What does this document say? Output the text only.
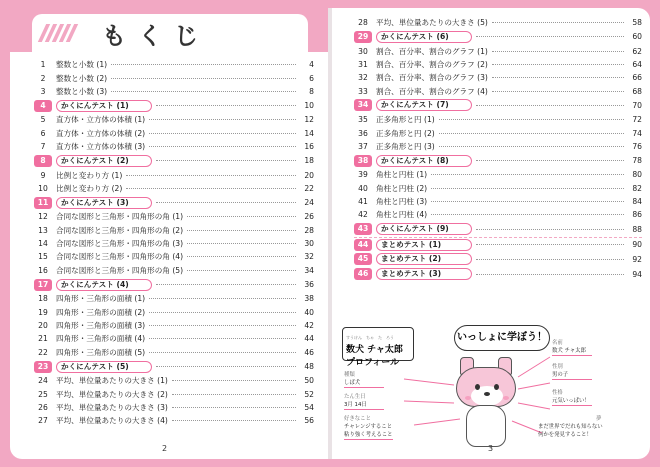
もくじ
1	整数と小数 (1)	4
2	整数と小数 (2)	6
3	整数と小数 (3)	8
4	かくにんテスト (1)	10
5	直方体・立方体の体積 (1)	12
6	直方体・立方体の体積 (2)	14
7	直方体・立方体の体積 (3)	16
8	かくにんテスト (2)	18
9	比例と変わり方 (1)	20
10	比例と変わり方 (2)	22
11	かくにんテスト (3)	24
12	合同な図形と三角形・四角形の角 (1)	26
13	合同な図形と三角形・四角形の角 (2)	28
14	合同な図形と三角形・四角形の角 (3)	30
15	合同な図形と三角形・四角形の角 (4)	32
16	合同な図形と三角形・四角形の角 (5)	34
17	かくにんテスト (4)	36
18	四角形・三角形の面積 (1)	38
19	四角形・三角形の面積 (2)	40
20	四角形・三角形の面積 (3)	42
21	四角形・三角形の面積 (4)	44
22	四角形・三角形の面積 (5)	46
23	かくにんテスト (5)	48
24	平均、単位量あたりの大きさ (1)	50
25	平均、単位量あたりの大きさ (2)	52
26	平均、単位量あたりの大きさ (3)	54
27	平均、単位量あたりの大きさ (4)	56
2
28	平均、単位量あたりの大きさ (5)	58
29	かくにんテスト (6)	60
30	割合、百分率、割合のグラフ (1)	62
31	割合、百分率、割合のグラフ (2)	64
32	割合、百分率、割合のグラフ (3)	66
33	割合、百分率、割合のグラフ (4)	68
34	かくにんテスト (7)	70
35	正多角形と円 (1)	72
36	正多角形と円 (2)	74
37	正多角形と円 (3)	76
38	かくにんテスト (8)	78
39	角柱と円柱 (1)	80
40	角柱と円柱 (2)	82
41	角柱と円柱 (3)	84
42	角柱と円柱 (4)	86
43	かくにんテスト (9)	88
44	まとめテスト (1)	90
45	まとめテスト (2)	92
46	まとめテスト (3)	94
すうけん　ちゃ　た　ろう
数犬 チャ太郎
プロフィール
いっしょに学ぼう！
種類
しば犬
たん生日
3月 14日
好きなこと
チャレンジすること
粘り強く考えること
名前
数犬 チャ太郎
性別
男の子
性格
元気いっぱい！
夢
まだ世界でだれも知らない
何かを発見すること！
3
